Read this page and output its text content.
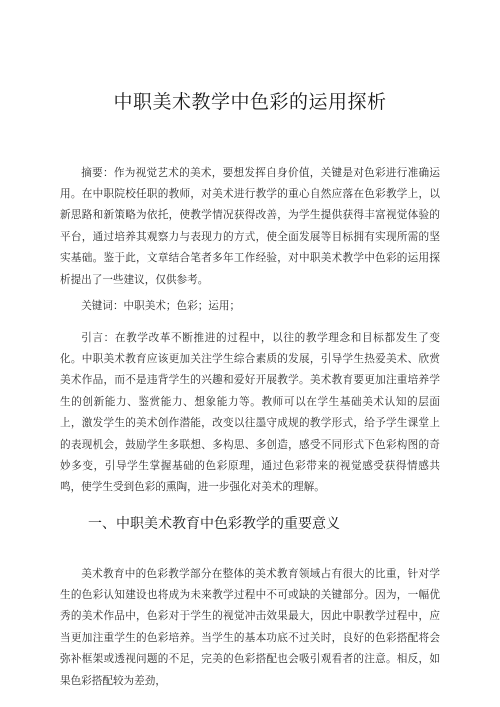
中职美术教学中色彩的运用探析

摘要：作为视觉艺术的美术，要想发挥自身价值，关键是对色彩进行准确运用。在中职院校任职的教师，对美术进行教学的重心自然应落在色彩教学上，以新思路和新策略为依托，使教学情况获得改善，为学生提供获得丰富视觉体验的平台，通过培养其观察力与表现力的方式，使全面发展等目标拥有实现所需的坚实基础。鉴于此，文章结合笔者多年工作经验，对中职美术教学中色彩的运用探析提出了一些建议，仅供参考。

关键词：中职美术；色彩；运用；

引言：在教学改革不断推进的过程中，以往的教学理念和目标都发生了变化。中职美术教育应该更加关注学生综合素质的发展，引导学生热爱美术、欣赏美术作品，而不是违背学生的兴趣和爱好开展教学。美术教育要更加注重培养学生的创新能力、鉴赏能力、想象能力等。教师可以在学生基础美术认知的层面上，激发学生的美术创作潜能，改变以往墨守成规的教学形式，给予学生课堂上的表现机会，鼓励学生多联想、多构思、多创造，感受不同形式下色彩构图的奇妙多变，引导学生掌握基础的色彩原理，通过色彩带来的视觉感受获得情感共鸣，使学生受到色彩的熏陶，进一步强化对美术的理解。

一、中职美术教育中色彩教学的重要意义

美术教育中的色彩教学部分在整体的美术教育领域占有很大的比重，针对学生的色彩认知建设也将成为未来教学过程中不可或缺的关键部分。因为，一幅优秀的美术作品中，色彩对于学生的视觉冲击效果最大，因此中职教学过程中，应当更加注重学生的色彩培养。当学生的基本功底不过关时，良好的色彩搭配将会弥补框架或透视问题的不足，完美的色彩搭配也会吸引观看者的注意。相反，如果色彩搭配较为差劲，
